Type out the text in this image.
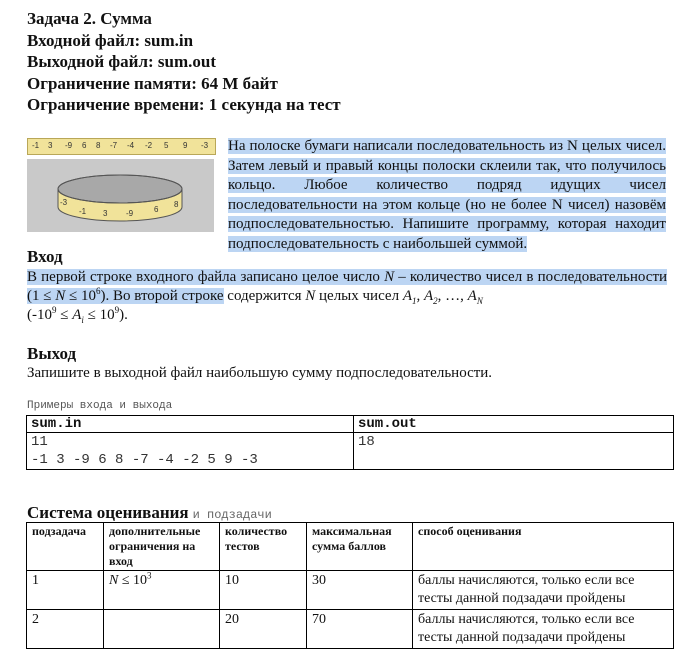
Задача 2. Сумма
Входной файл: sum.in
Выходной файл: sum.out
Ограничение памяти: 64 М байт
Ограничение времени: 1 секунда на тест
-1 3 -9 6 8 -7 -4 -2 5 9 -3
-3
-1 3 -9	6
8
На полоске бумаги написали последовательность из N целых чисел. Затем левый и правый концы полоски склеили так, что получилось кольцо. Любое количество подряд идущих чисел последовательности на этом кольце (но не более N чисел) назовём подпоследовательностью. Напишите программу, которая находит подпоследовательность с наибольшей суммой.
Вход
В первой строке входного файла записано целое число N – количество чисел в последовательности $(1 \le N \le 10^6)$. Во второй строке содержится N целых чисел $A_1$, $A_2$, …, $A_N$
$(-10^9 \le A_i \le 10^9)$.
Выход
Запишите в выходной файл наибольшую сумму подпоследовательности.
Примеры входа и выхода
sum.in	sum.out

11
-1 3 -9 6 8 -7 -4 -2 5 9 -3	18
Система оценивания и подзадачи
подзадача	дополнительные ограничения на вход	количество тестов	максимальная сумма баллов	способ оценивания
1	$N \le 10^3$	10	30	баллы начисляются, только если все тесты данной подзадачи пройдены
2		20	70	баллы начисляются, только если все тесты данной подзадачи пройдены
